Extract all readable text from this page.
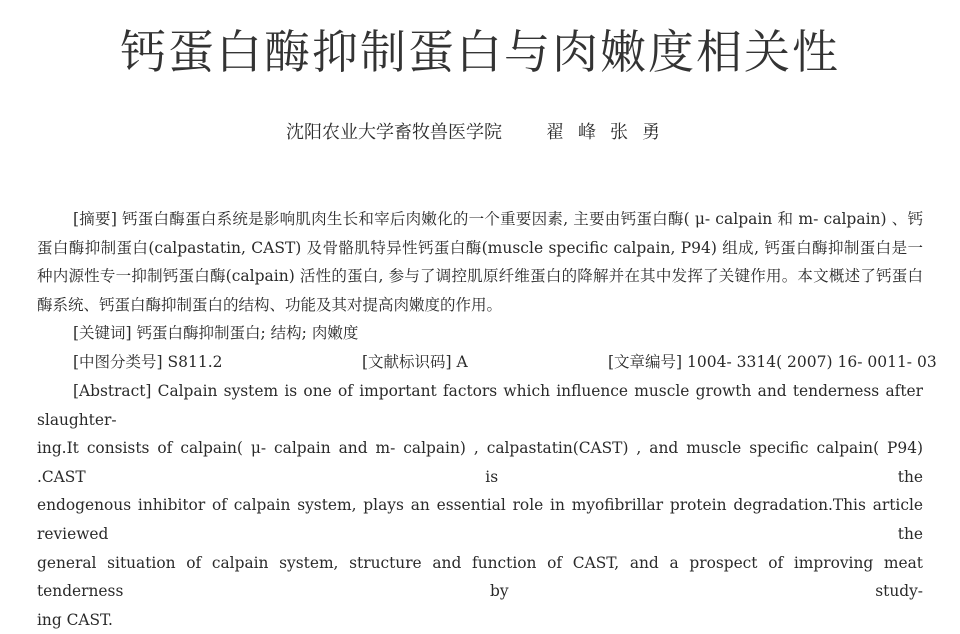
钙蛋白酶抑制蛋白与肉嫩度相关性
沈阳农业大学畜牧兽医学院 翟峰张勇
[摘要] 钙蛋白酶蛋白系统是影响肌肉生长和宰后肉嫩化的一个重要因素, 主要由钙蛋白酶( μ- calpain 和 m- calpain) 、钙蛋白酶抑制蛋白(calpastatin, CAST) 及骨骼肌特异性钙蛋白酶(muscle specific calpain, P94) 组成, 钙蛋白酶抑制蛋白是一种内源性专一抑制钙蛋白酶(calpain) 活性的蛋白, 参与了调控肌原纤维蛋白的降解并在其中发挥了关键作用。本文概述了钙蛋白酶系统、钙蛋白酶抑制蛋白的结构、功能及其对提高肉嫩度的作用。
[关键词] 钙蛋白酶抑制蛋白; 结构; 肉嫩度
[中图分类号] S811.2	[文献标识码] A	[文章编号] 1004- 3314( 2007) 16- 0011- 03
[Abstract] Calpain system is one of important factors which influence muscle growth and tenderness after slaughter-
ing.It consists of calpain( μ- calpain and m- calpain) , calpastatin(CAST) , and muscle specific calpain( P94) .CAST is the
endogenous inhibitor of calpain system, plays an essential role in myofibrillar protein degradation.This article reviewed the
general situation of calpain system, structure and function of CAST, and a prospect of improving meat tenderness by study-
ing CAST.
